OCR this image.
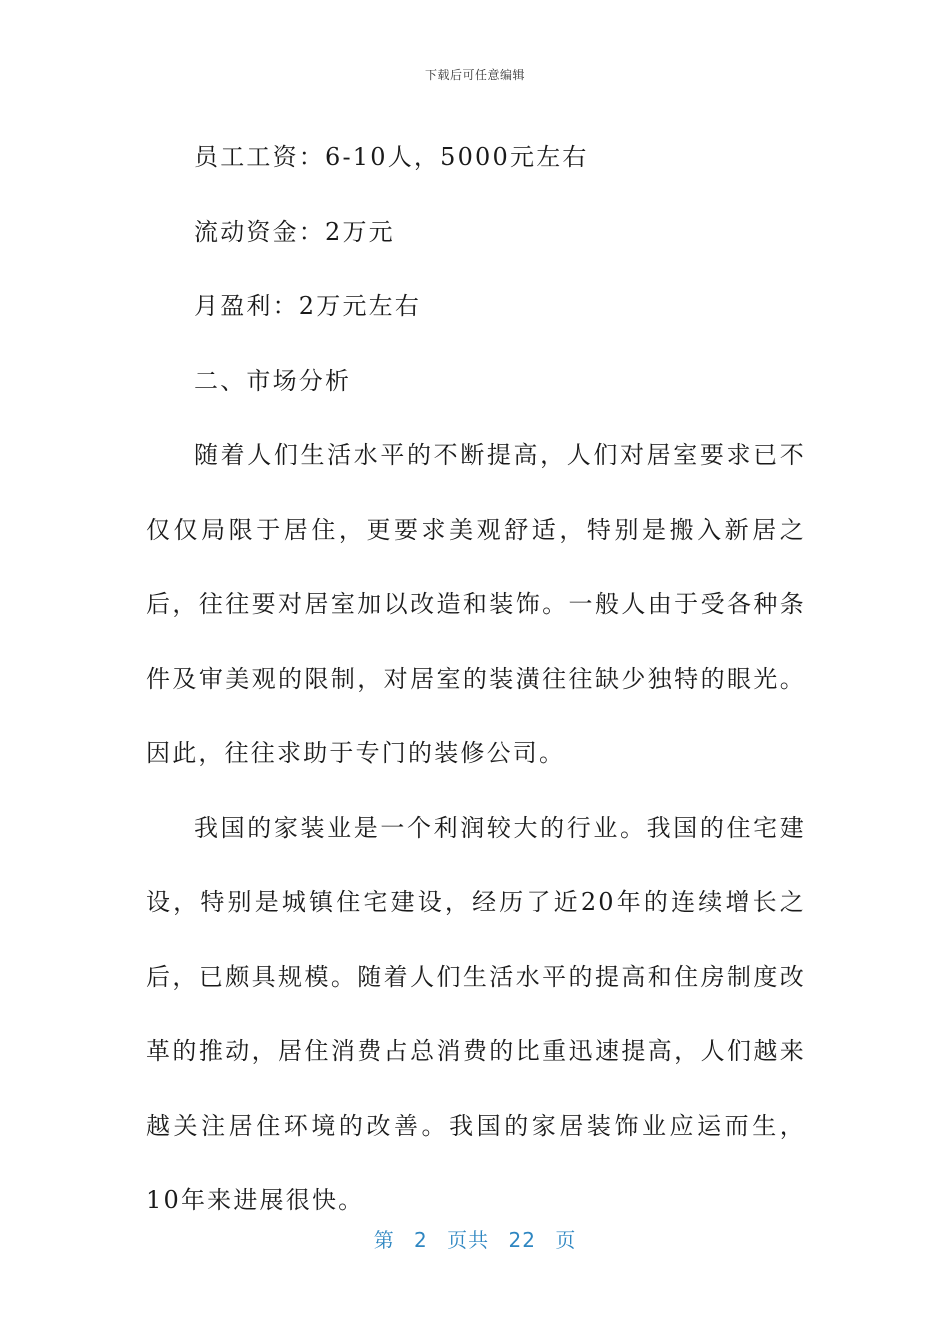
下载后可任意编辑

员工工资：6-10人，5000元左右

流动资金：2万元

月盈利：2万元左右

二、市场分析

随着人们生活水平的不断提高，人们对居室要求已不仅仅局限于居住，更要求美观舒适，特别是搬入新居之后，往往要对居室加以改造和装饰。一般人由于受各种条件及审美观的限制，对居室的装潢往往缺少独特的眼光。因此，往往求助于专门的装修公司。

我国的家装业是一个利润较大的行业。我国的住宅建设，特别是城镇住宅建设，经历了近20年的连续增长之后，已颇具规模。随着人们生活水平的提高和住房制度改革的推动，居住消费占总消费的比重迅速提高，人们越来越关注居住环境的改善。我国的家居装饰业应运而生，10年来进展很快。

第 2 页共 22 页
